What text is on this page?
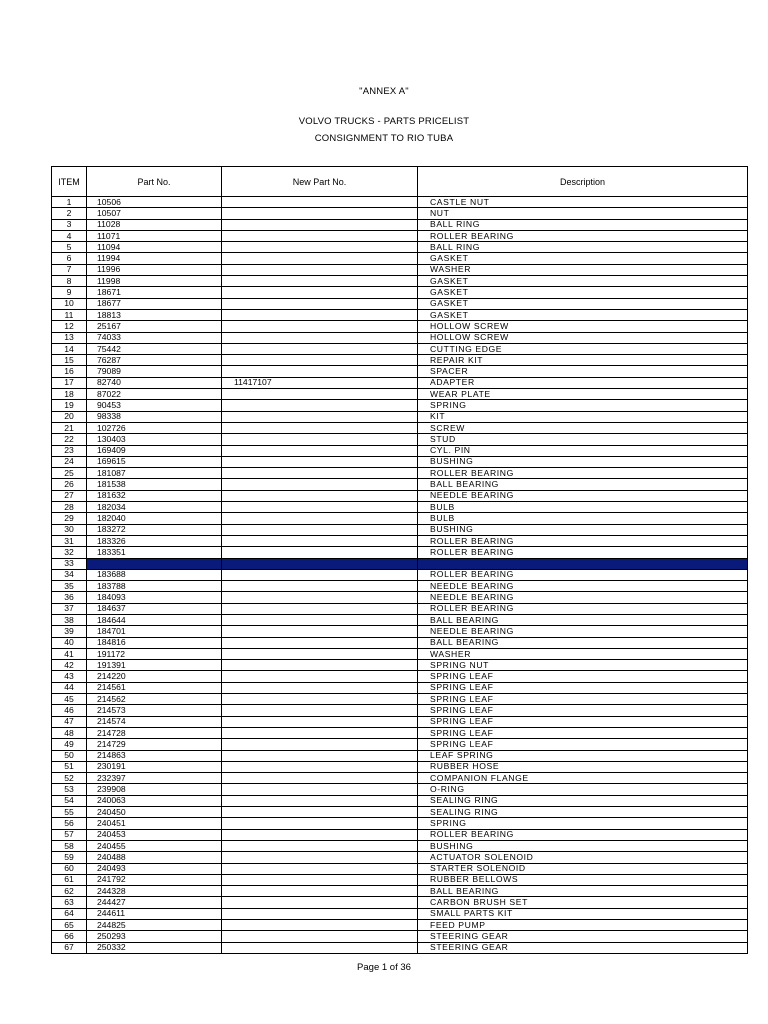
"ANNEX A"
VOLVO TRUCKS - PARTS PRICELIST
CONSIGNMENT TO RIO TUBA
ITEM	Part No.	New Part No.	Description
1	10506		CASTLE NUT
2	10507		NUT
3	11028		BALL RING
4	11071		ROLLER BEARING
5	11094		BALL RING
6	11994		GASKET
7	11996		WASHER
8	11998		GASKET
9	18671		GASKET
10	18677		GASKET
11	18813		GASKET
12	25167		HOLLOW SCREW
13	74033		HOLLOW SCREW
14	75442		CUTTING EDGE
15	76287		REPAIR KIT
16	79089		SPACER
17	82740	11417107	ADAPTER
18	87022		WEAR PLATE
19	90453		SPRING
20	98338		KIT
21	102726		SCREW
22	130403		STUD
23	169409		CYL. PIN
24	169615		BUSHING
25	181087		ROLLER BEARING
26	181538		BALL BEARING
27	181632		NEEDLE BEARING
28	182034		BULB
29	182040		BULB
30	183272		BUSHING
31	183326		ROLLER BEARING
32	183351		ROLLER BEARING
33			
34	183688		ROLLER BEARING
35	183788		NEEDLE BEARING
36	184093		NEEDLE BEARING
37	184637		ROLLER BEARING
38	184644		BALL BEARING
39	184701		NEEDLE BEARING
40	184816		BALL BEARING
41	191172		WASHER
42	191391		SPRING NUT
43	214220		SPRING LEAF
44	214561		SPRING LEAF
45	214562		SPRING LEAF
46	214573		SPRING LEAF
47	214574		SPRING LEAF
48	214728		SPRING LEAF
49	214729		SPRING LEAF
50	214863		LEAF SPRING
51	230191		RUBBER HOSE
52	232397		COMPANION FLANGE
53	239908		O-RING
54	240063		SEALING RING
55	240450		SEALING RING
56	240451		SPRING
57	240453		ROLLER BEARING
58	240455		BUSHING
59	240488		ACTUATOR SOLENOID
60	240493		STARTER SOLENOID
61	241792		RUBBER BELLOWS
62	244328		BALL BEARING
63	244427		CARBON BRUSH SET
64	244611		SMALL PARTS KIT
65	244825		FEED PUMP
66	250293		STEERING GEAR
67	250332		STEERING GEAR
Page 1 of 36
